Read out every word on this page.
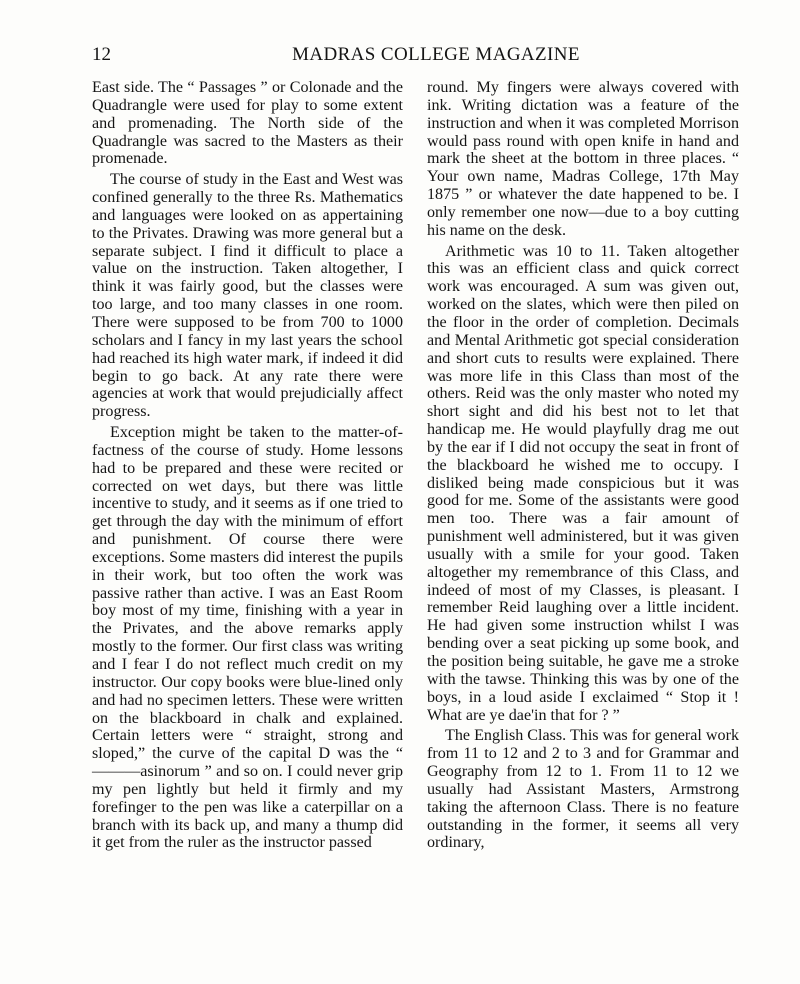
12	MADRAS COLLEGE MAGAZINE

East side. The “ Passages ” or Colonade and the Quadrangle were used for play to some extent and promenading. The North side of the Quadrangle was sacred to the Masters as their promenade.

The course of study in the East and West was confined generally to the three Rs. Mathematics and languages were looked on as appertaining to the Privates. Drawing was more general but a separate subject. I find it difficult to place a value on the instruction. Taken altogether, I think it was fairly good, but the classes were too large, and too many classes in one room. There were supposed to be from 700 to 1000 scholars and I fancy in my last years the school had reached its high water mark, if indeed it did begin to go back. At any rate there were agencies at work that would prejudicially affect progress.

Exception might be taken to the matter-of-factness of the course of study. Home lessons had to be prepared and these were recited or corrected on wet days, but there was little incentive to study, and it seems as if one tried to get through the day with the minimum of effort and punishment. Of course there were exceptions. Some masters did interest the pupils in their work, but too often the work was passive rather than active. I was an East Room boy most of my time, finishing with a year in the Privates, and the above remarks apply mostly to the former. Our first class was writing and I fear I do not reflect much credit on my instructor. Our copy books were blue-lined only and had no specimen letters. These were written on the blackboard in chalk and explained. Certain letters were “ straight, strong and sloped,” the curve of the capital D was the “ ———asinorum ” and so on. I could never grip my pen lightly but held it firmly and my forefinger to the pen was like a caterpillar on a branch with its back up, and many a thump did it get from the ruler as the instructor passed

round. My fingers were always covered with ink. Writing dictation was a feature of the instruction and when it was completed Morrison would pass round with open knife in hand and mark the sheet at the bottom in three places. “ Your own name, Madras College, 17th May 1875 ” or whatever the date happened to be. I only remember one now—due to a boy cutting his name on the desk.

Arithmetic was 10 to 11. Taken altogether this was an efficient class and quick correct work was encouraged. A sum was given out, worked on the slates, which were then piled on the floor in the order of completion. Decimals and Mental Arithmetic got special consideration and short cuts to results were explained. There was more life in this Class than most of the others. Reid was the only master who noted my short sight and did his best not to let that handicap me. He would playfully drag me out by the ear if I did not occupy the seat in front of the blackboard he wished me to occupy. I disliked being made conspicious but it was good for me. Some of the assistants were good men too. There was a fair amount of punishment well administered, but it was given usually with a smile for your good. Taken altogether my remembrance of this Class, and indeed of most of my Classes, is pleasant. I remember Reid laughing over a little incident. He had given some instruction whilst I was bending over a seat picking up some book, and the position being suitable, he gave me a stroke with the tawse. Thinking this was by one of the boys, in a loud aside I exclaimed “ Stop it ! What are ye dae'in that for ? ”

The English Class. This was for general work from 11 to 12 and 2 to 3 and for Grammar and Geography from 12 to 1. From 11 to 12 we usually had Assistant Masters, Armstrong taking the afternoon Class. There is no feature outstanding in the former, it seems all very ordinary,
